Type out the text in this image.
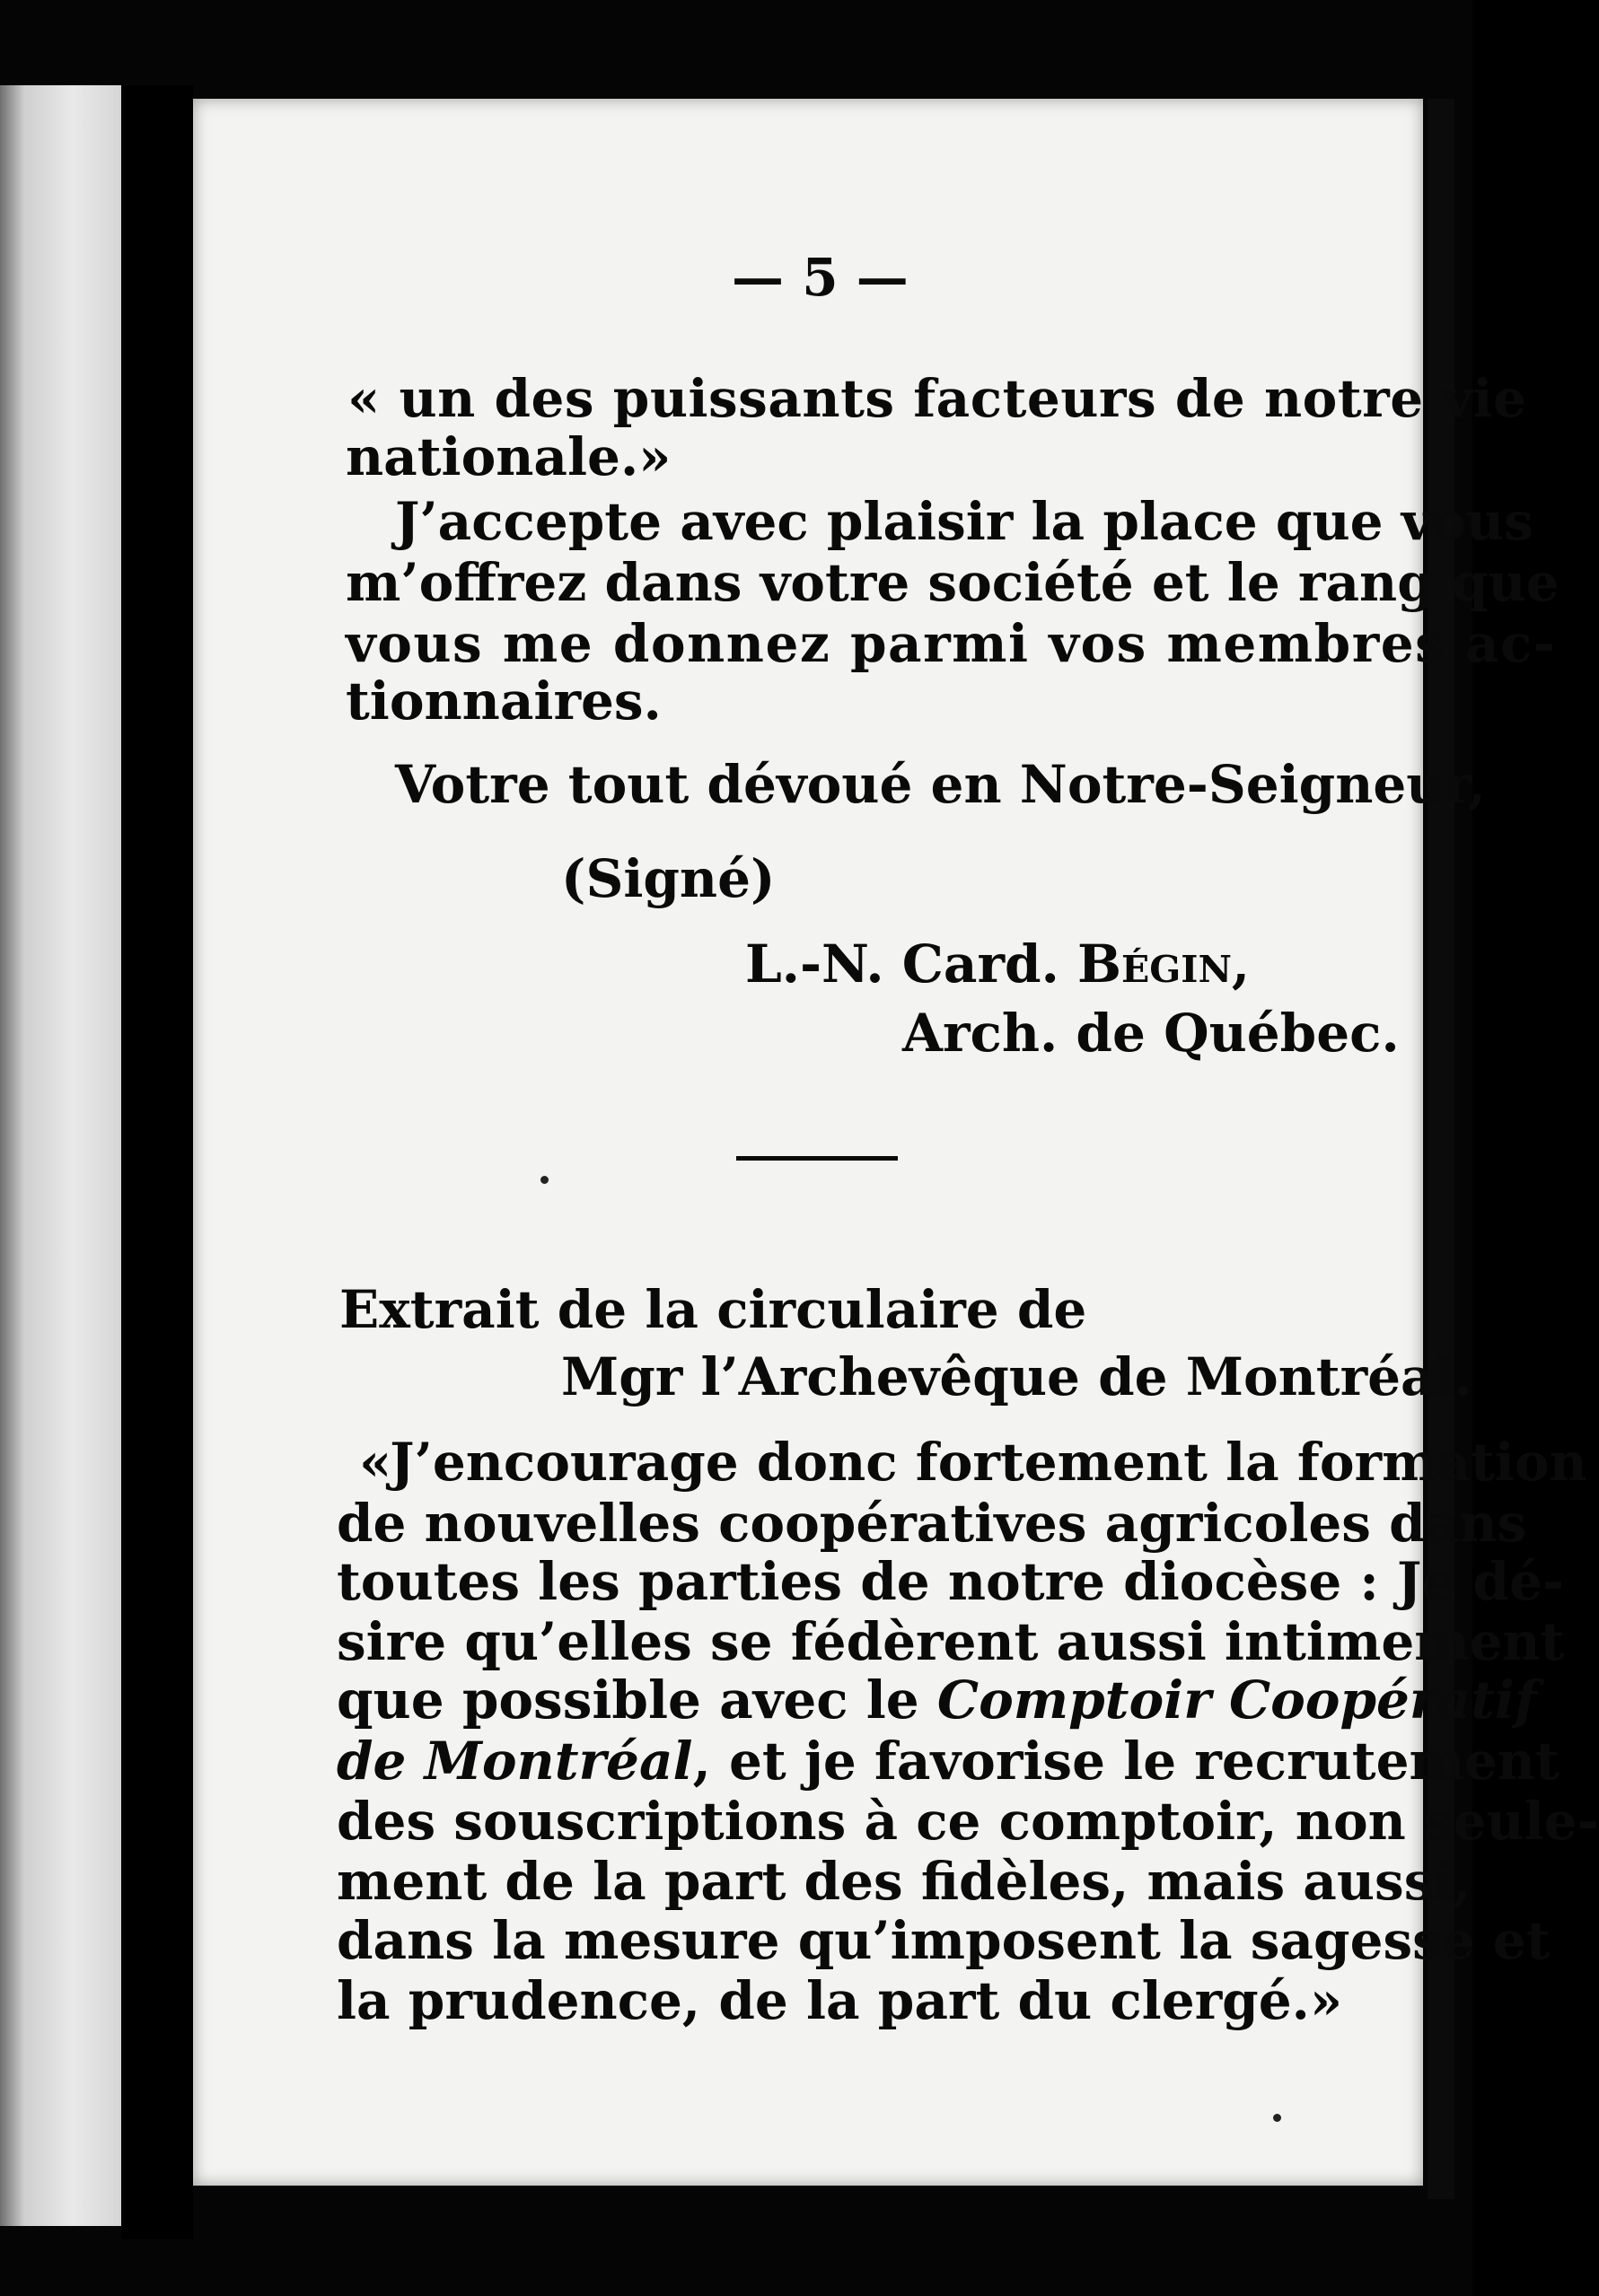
— 5 —
« un des puissants facteurs de notre vie
nationale.»
J’accepte avec plaisir la place que vous
m’offrez dans votre société et le rang que
vous me donnez parmi vos membres ac-
tionnaires.
Votre tout dévoué en Notre-Seigneur,
(Signé)
L.-N. Card. Bégin,
Arch. de Québec.
Extrait de la circulaire de
Mgr l’Archevêque de Montréal.
«J’encourage donc fortement la formation
de nouvelles coopératives agricoles dans
toutes les parties de notre diocèse : Je dé-
sire qu’elles se fédèrent aussi intimement
que possible avec le Comptoir Coopératif
de Montréal, et je favorise le recrutement
des souscriptions à ce comptoir, non seule-
ment de la part des fidèles, mais aussi,
dans la mesure qu’imposent la sagesse et
la prudence, de la part du clergé.»
